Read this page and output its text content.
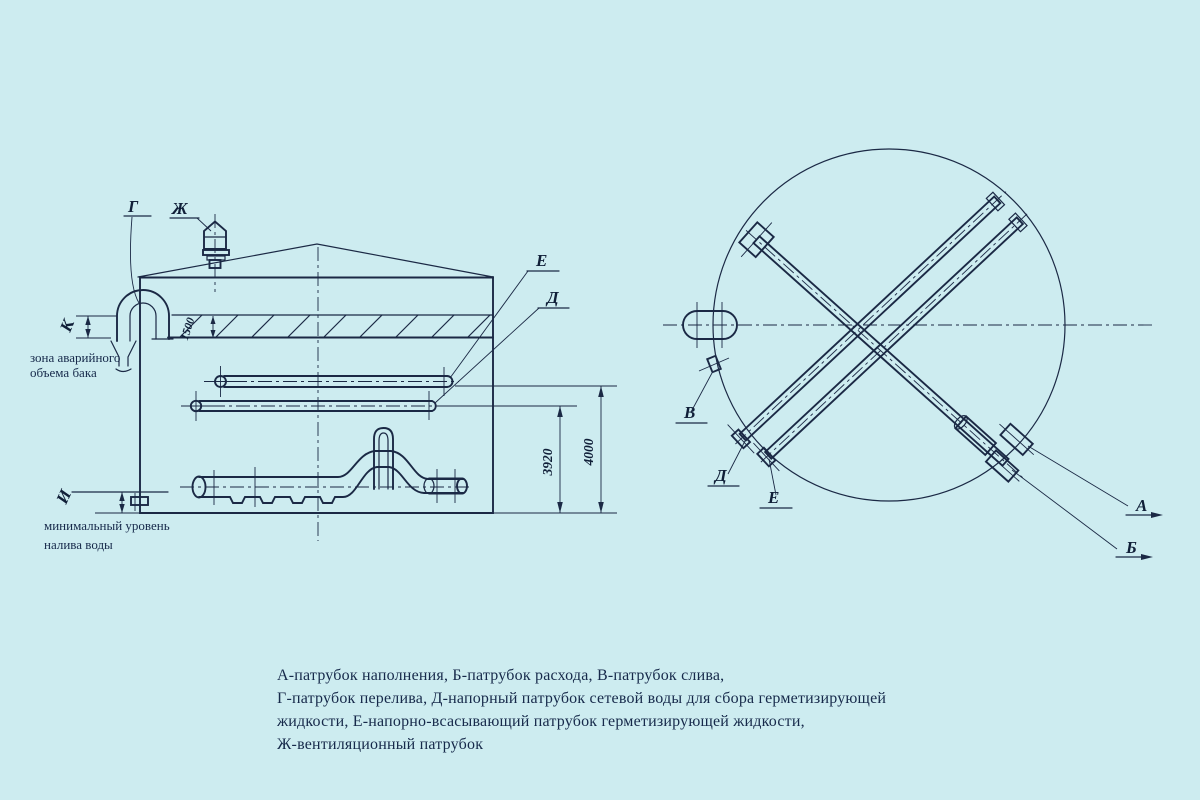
К
Г Ж
Е
Д
И
1500
3920 4000
зона аварийного
объема бака
минимальный уровень
налива воды
В
Д
Е	А
Б
А-патрубок наполнения, Б-патрубок расхода, В-патрубок слива,
Г-патрубок перелива, Д-напорный патрубок сетевой воды для сбора герметизирующей
жидкости, Е-напорно-всасывающий патрубок герметизирующей жидкости,
Ж-вентиляционный патрубок
